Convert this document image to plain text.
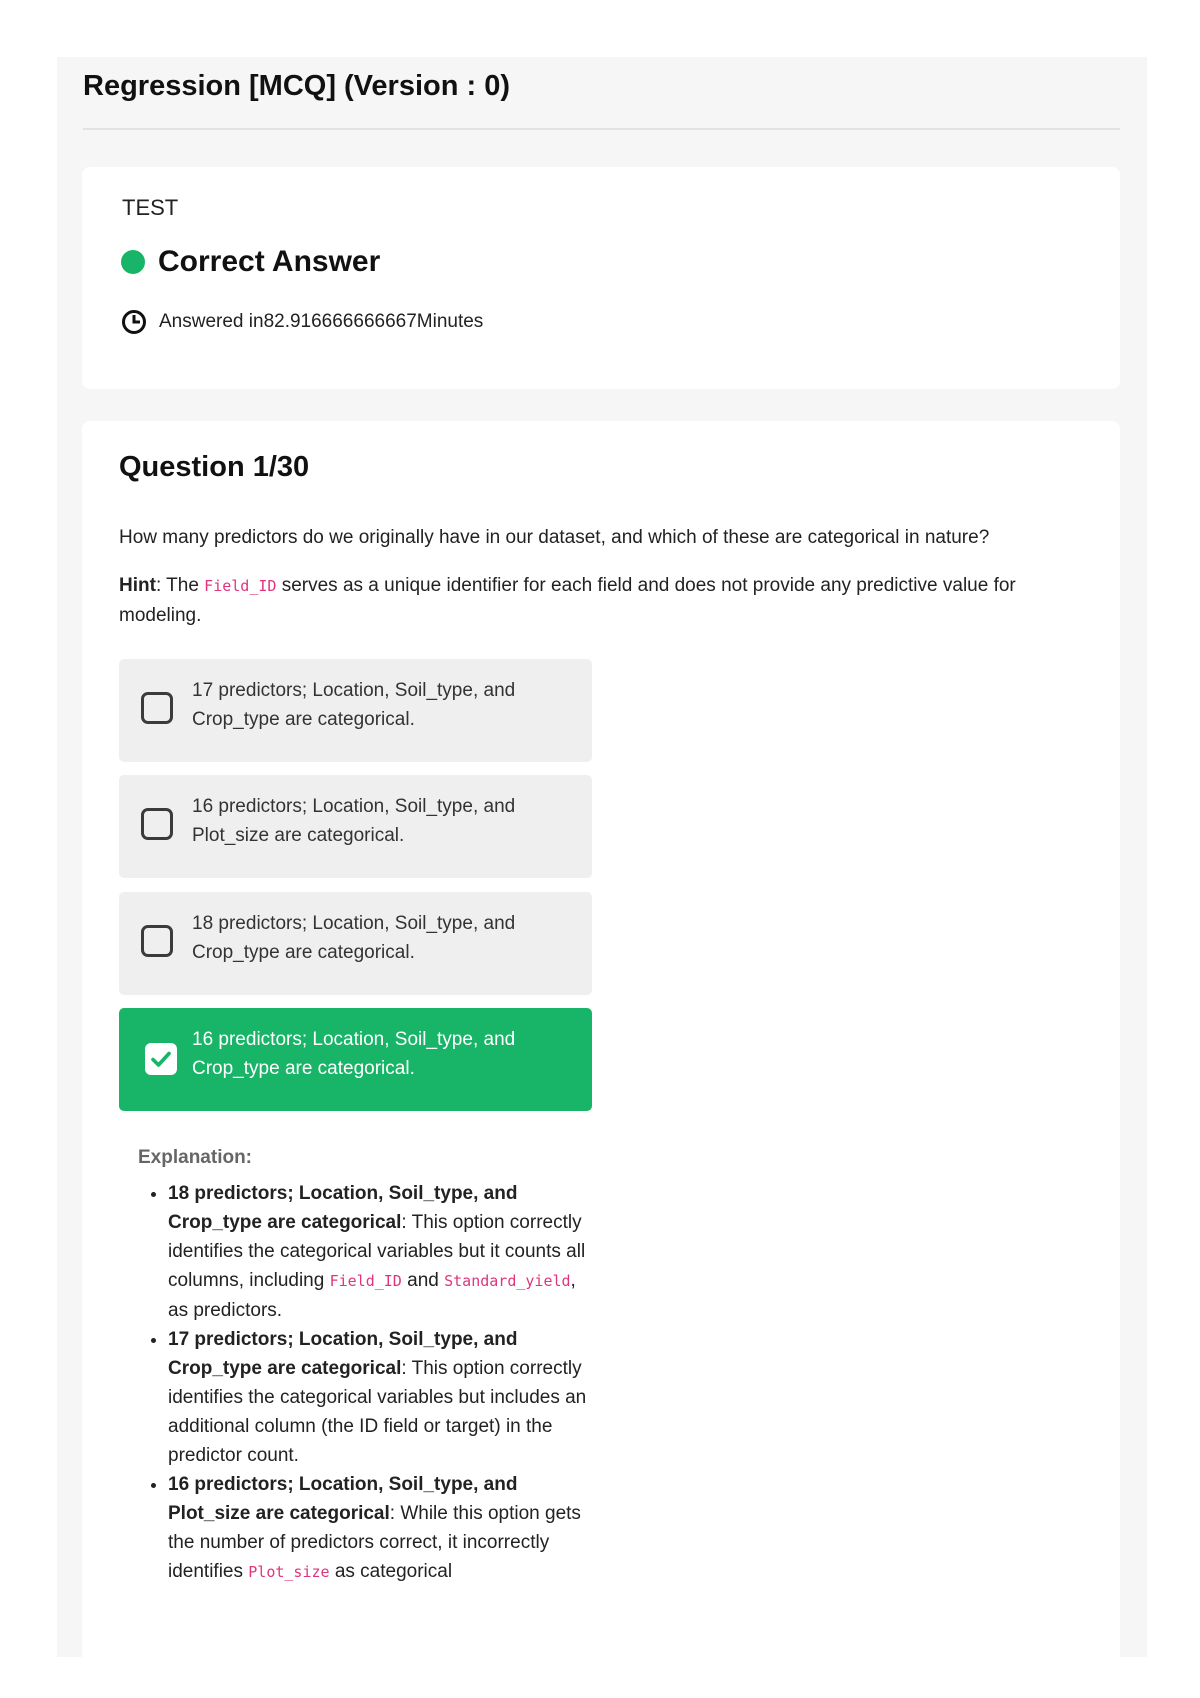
Regression [MCQ] (Version : 0)
TEST
Correct Answer
Answered in 82.916666666667 Minutes
Question 1/30

How many predictors do we originally have in our dataset, and which of these are categorical in nature?

Hint: The Field_ID serves as a unique identifier for each field and does not provide any predictive value for modeling.

17 predictors; Location, Soil_type, and Crop_type are categorical.
16 predictors; Location, Soil_type, and Plot_size are categorical.
18 predictors; Location, Soil_type, and Crop_type are categorical.
16 predictors; Location, Soil_type, and Crop_type are categorical.
Explanation:
• 18 predictors; Location, Soil_type, and Crop_type are categorical: This option correctly identifies the categorical variables but it counts all columns, including Field_ID and Standard_yield, as predictors.
• 17 predictors; Location, Soil_type, and Crop_type are categorical: This option correctly identifies the categorical variables but includes an additional column (the ID field or target) in the predictor count.
• 16 predictors; Location, Soil_type, and Plot_size are categorical: While this option gets the number of predictors correct, it incorrectly identifies Plot_size as categorical
